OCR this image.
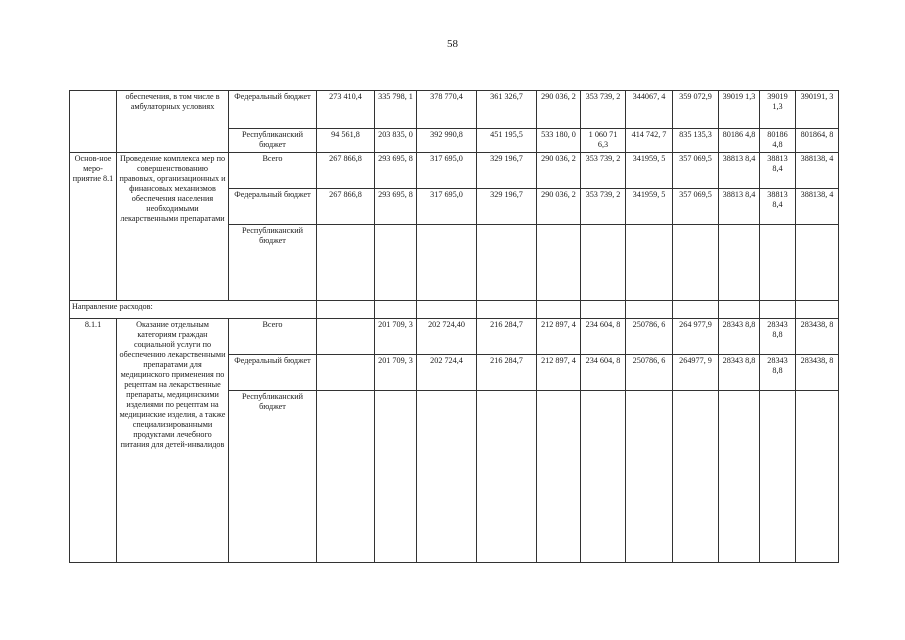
58
	обеспечения, в том числе в амбулаторных условиях	Федеральный бюджет	273 410,4	335 798, 1	378 770,4	361 326,7	290 036, 2	353 739, 2	344067, 4	359 072,9	39019 1,3	39019 1,3	390191, 3
		Республиканский бюджет	94 561,8	203 835, 0	392 990,8	451 195,5	533 180, 0	1 060 71 6,3	414 742, 7	835 135,3	80186 4,8	80186 4,8	801864, 8
Основ-ное меро-приятие 8.1	Проведение комплекса мер по совершенствованию правовых, организационных и финансовых механизмов обеспечения населения необходимыми лекарственными препаратами	Всего	267 866,8	293 695, 8	317 695,0	329 196,7	290 036, 2	353 739, 2	341959, 5	357 069,5	38813 8,4	38813 8,4	388138, 4
		Федеральный бюджет	267 866,8	293 695, 8	317 695,0	329 196,7	290 036, 2	353 739, 2	341959, 5	357 069,5	38813 8,4	38813 8,4	388138, 4
		Республиканский бюджет											
Направление расходов:													
8.1.1	Оказание отдельным категориям граждан социальной услуги по обеспечению лекарственными препаратами для медицинского применения по рецептам на лекарственные препараты, медицинскими изделиями по рецептам на медицинские изделия, а также специализированными продуктами лечебного питания для детей-инвалидов	Всего		201 709, 3	202 724,40	216 284,7	212 897, 4	234 604, 8	250786, 6	264 977,9	28343 8,8	28343 8,8	283438, 8
		Федеральный бюджет		201 709, 3	202 724,4	216 284,7	212 897, 4	234 604, 8	250786, 6	264977, 9	28343 8,8	28343 8,8	283438, 8
		Республиканский бюджет											
